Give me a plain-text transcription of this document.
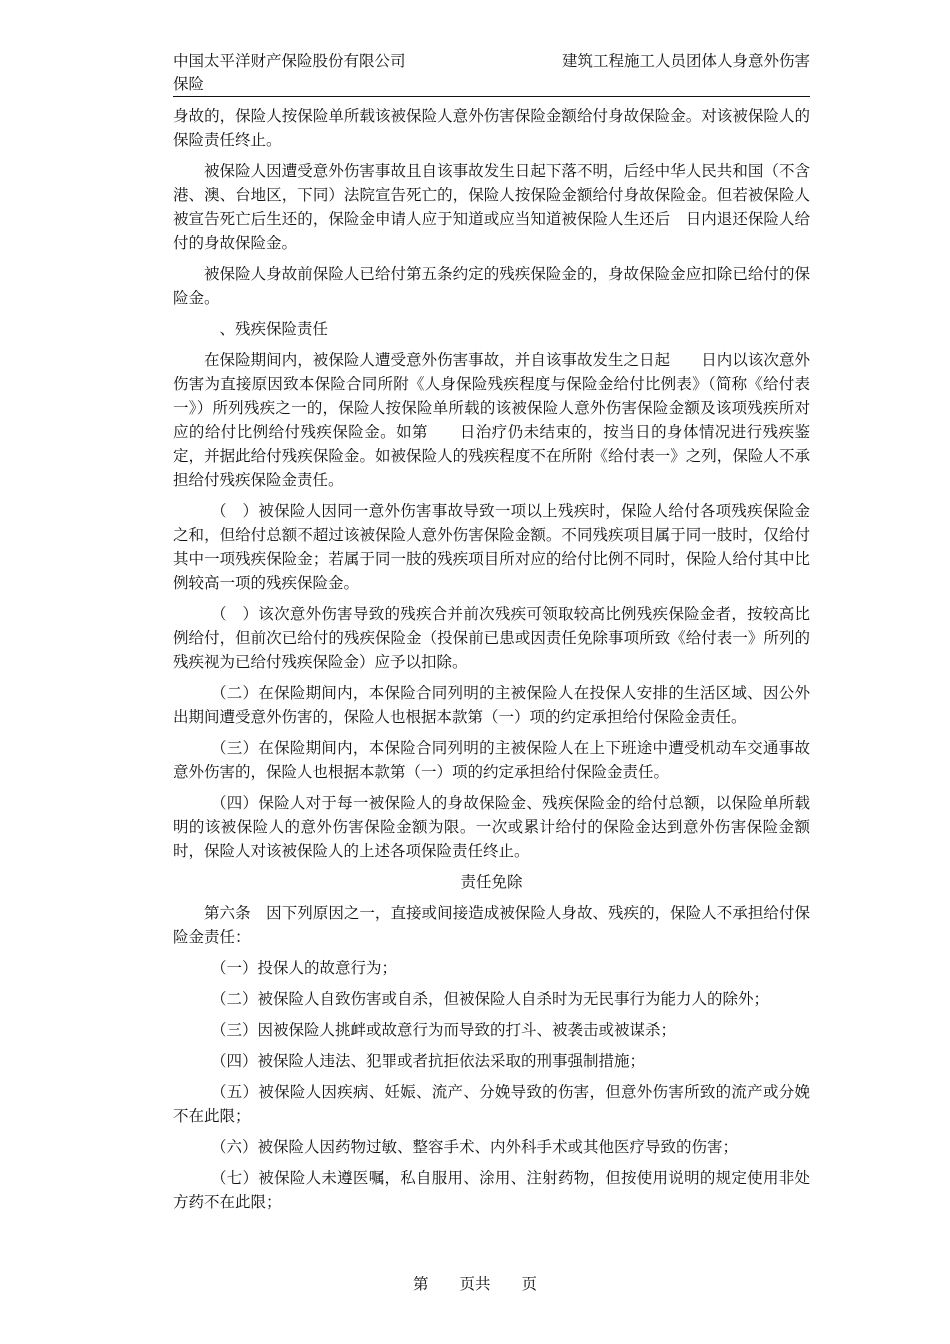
中国太平洋财产保险股份有限公司
保险
建筑工程施工人员团体人身意外伤害

身故的，保险人按保险单所载该被保险人意外伤害保险金额给付身故保险金。对该被保险人的保险责任终止。

被保险人因遭受意外伤害事故且自该事故发生日起下落不明，后经中华人民共和国（不含港、澳、台地区，下同）法院宣告死亡的，保险人按保险金额给付身故保险金。但若被保险人被宣告死亡后生还的，保险金申请人应于知道或应当知道被保险人生还后　日内退还保险人给付的身故保险金。

被保险人身故前保险人已给付第五条约定的残疾保险金的，身故保险金应扣除已给付的保险金。

　、残疾保险责任

在保险期间内，被保险人遭受意外伤害事故，并自该事故发生之日起　　日内以该次意外伤害为直接原因致本保险合同所附《人身保险残疾程度与保险金给付比例表》（简称《给付表一》）所列残疾之一的，保险人按保险单所载的该被保险人意外伤害保险金额及该项残疾所对应的给付比例给付残疾保险金。如第　　日治疗仍未结束的，按当日的身体情况进行残疾鉴定，并据此给付残疾保险金。如被保险人的残疾程度不在所附《给付表一》之列，保险人不承担给付残疾保险金责任。

（　）被保险人因同一意外伤害事故导致一项以上残疾时，保险人给付各项残疾保险金之和，但给付总额不超过该被保险人意外伤害保险金额。不同残疾项目属于同一肢时，仅给付其中一项残疾保险金；若属于同一肢的残疾项目所对应的给付比例不同时，保险人给付其中比例较高一项的残疾保险金。

（　）该次意外伤害导致的残疾合并前次残疾可领取较高比例残疾保险金者，按较高比例给付，但前次已给付的残疾保险金（投保前已患或因责任免除事项所致《给付表一》所列的残疾视为已给付残疾保险金）应予以扣除。

（二）在保险期间内，本保险合同列明的主被保险人在投保人安排的生活区域、因公外出期间遭受意外伤害的，保险人也根据本款第（一）项的约定承担给付保险金责任。

（三）在保险期间内，本保险合同列明的主被保险人在上下班途中遭受机动车交通事故意外伤害的，保险人也根据本款第（一）项的约定承担给付保险金责任。

（四）保险人对于每一被保险人的身故保险金、残疾保险金的给付总额，以保险单所载明的该被保险人的意外伤害保险金额为限。一次或累计给付的保险金达到意外伤害保险金额时，保险人对该被保险人的上述各项保险责任终止。

责任免除

第六条　因下列原因之一，直接或间接造成被保险人身故、残疾的，保险人不承担给付保险金责任：

（一）投保人的故意行为；

（二）被保险人自致伤害或自杀，但被保险人自杀时为无民事行为能力人的除外；

（三）因被保险人挑衅或故意行为而导致的打斗、被袭击或被谋杀；

（四）被保险人违法、犯罪或者抗拒依法采取的刑事强制措施；

（五）被保险人因疾病、妊娠、流产、分娩导致的伤害，但意外伤害所致的流产或分娩不在此限；

（六）被保险人因药物过敏、整容手术、内外科手术或其他医疗导致的伤害；

（七）被保险人未遵医嘱，私自服用、涂用、注射药物，但按使用说明的规定使用非处方药不在此限；

第　　页共　　页
